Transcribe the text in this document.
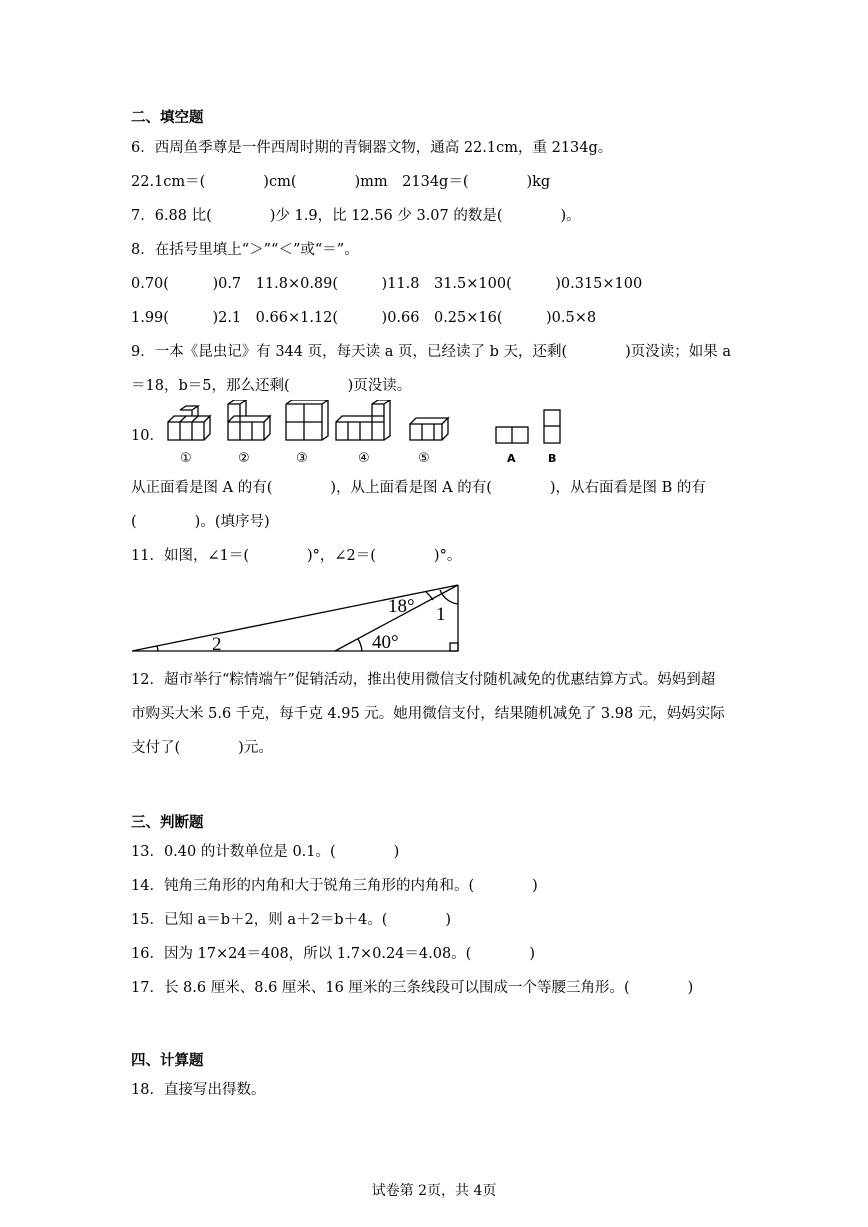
二、填空题
6．西周鱼季尊是一件西周时期的青铜器文物，通高 22.1cm，重 2134g。
22.1cm＝(　　　　)cm(　　　　)mm　2134g＝(　　　　)kg
7．6.88 比(　　　　)少 1.9，比 12.56 少 3.07 的数是(　　　　)。
8．在括号里填上“＞”“＜”或“＝”。
0.70(　　　)0.7　11.8×0.89(　　　)11.8　31.5×100(　　　)0.315×100
1.99(　　　)2.1　0.66×1.12(　　　)0.66　0.25×16(　　　)0.5×8
9．一本《昆虫记》有 344 页，每天读 a 页，已经读了 b 天，还剩(　　　　)页没读；如果 a
＝18，b＝5，那么还剩(　　　　)页没读。
10．
①	②	③	④	⑤	A	B
从正面看是图 A 的有(　　　　)，从上面看是图 A 的有(　　　　)，从右面看是图 B 的有
(　　　　)。(填序号)
11．如图，∠1＝(　　　　)°，∠2＝(　　　　)°。
18° 1
40°
2
12．超市举行“粽情端午”促销活动，推出使用微信支付随机减免的优惠结算方式。妈妈到超
市购买大米 5.6 千克，每千克 4.95 元。她用微信支付，结果随机减免了 3.98 元，妈妈实际
支付了(　　　　)元。
三、判断题
13．0.40 的计数单位是 0.1。(　　　　)
14．钝角三角形的内角和大于锐角三角形的内角和。(　　　　)
15．已知 a＝b＋2，则 a＋2＝b＋4。(　　　　)
16．因为 17×24＝408，所以 1.7×0.24＝4.08。(　　　　)
17．长 8.6 厘米、8.6 厘米、16 厘米的三条线段可以围成一个等腰三角形。(　　　　)
四、计算题
18．直接写出得数。
试卷第 2页，共 4页
